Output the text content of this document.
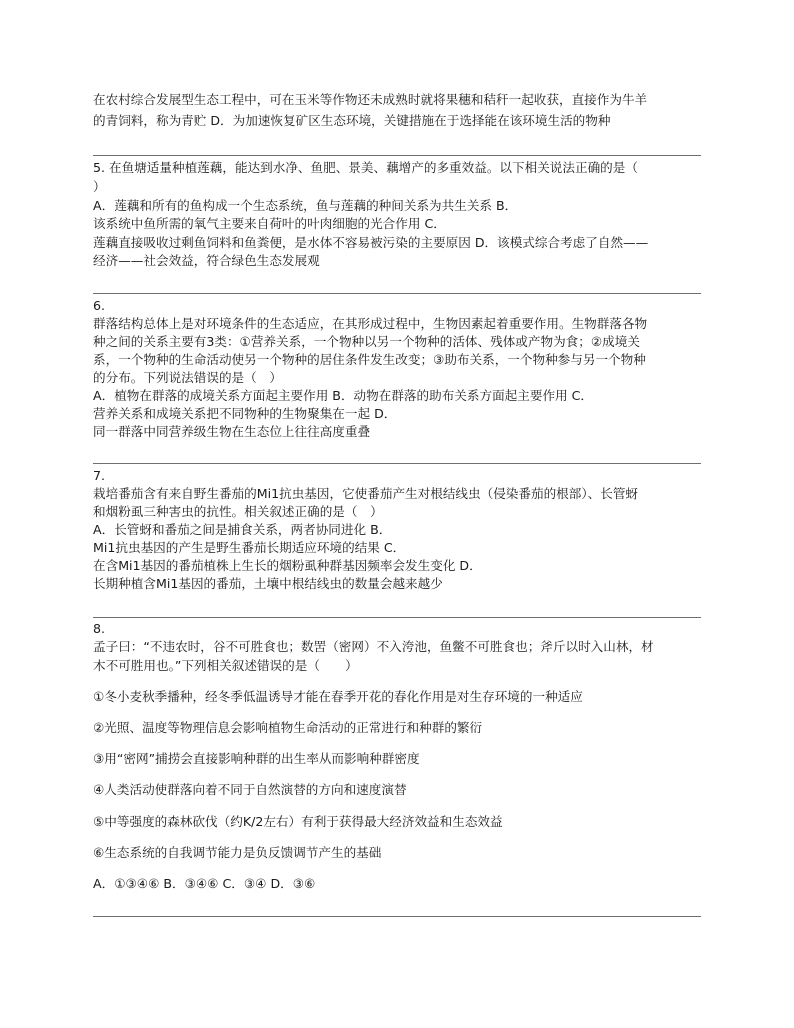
在农村综合发展型生态工程中，可在玉米等作物还未成熟时就将果穗和秸秆一起收获，直接作为牛羊
的青饲料，称为青贮 D．为加速恢复矿区生态环境，关键措施在于选择能在该环境生活的物种
5. 在鱼塘适量种植莲藕，能达到水净、鱼肥、景美、藕增产的多重效益。以下相关说法正确的是（
）
A．莲藕和所有的鱼构成一个生态系统，鱼与莲藕的种间关系为共生关系 B．
该系统中鱼所需的氧气主要来自荷叶的叶肉细胞的光合作用 C．
莲藕直接吸收过剩鱼饲料和鱼粪便，是水体不容易被污染的主要原因 D．该模式综合考虑了自然——
经济——社会效益，符合绿色生态发展观
6.
群落结构总体上是对环境条件的生态适应，在其形成过程中，生物因素起着重要作用。生物群落各物
种之间的关系主要有3类：①营养关系，一个物种以另一个物种的活体、残体或产物为食；②成境关
系，一个物种的生命活动使另一个物种的居住条件发生改变；③助布关系，一个物种参与另一个物种
的分布。下列说法错误的是（　）
A．植物在群落的成境关系方面起主要作用 B．动物在群落的助布关系方面起主要作用 C．
营养关系和成境关系把不同物种的生物聚集在一起 D．
同一群落中同营养级生物在生态位上往往高度重叠
7.
栽培番茄含有来自野生番茄的Mi1抗虫基因，它使番茄产生对根结线虫（侵染番茄的根部）、长管蚜
和烟粉虱三种害虫的抗性。相关叙述正确的是（　）
A．长管蚜和番茄之间是捕食关系，两者协同进化 B．
Mi1抗虫基因的产生是野生番茄长期适应环境的结果 C．
在含Mi1基因的番茄植株上生长的烟粉虱种群基因频率会发生变化 D．
长期种植含Mi1基因的番茄，土壤中根结线虫的数量会越来越少
8.
孟子曰：“不违农时，谷不可胜食也；数罟（密网）不入洿池，鱼鳖不可胜食也；斧斤以时入山林，材
木不可胜用也。”下列相关叙述错误的是（　　）
①冬小麦秋季播种，经冬季低温诱导才能在春季开花的春化作用是对生存环境的一种适应
②光照、温度等物理信息会影响植物生命活动的正常进行和种群的繁衍
③用“密网”捕捞会直接影响种群的出生率从而影响种群密度
④人类活动使群落向着不同于自然演替的方向和速度演替
⑤中等强度的森林砍伐（约K/2左右）有利于获得最大经济效益和生态效益
⑥生态系统的自我调节能力是负反馈调节产生的基础
A．①③④⑥ B．③④⑥ C．③④ D．③⑥
